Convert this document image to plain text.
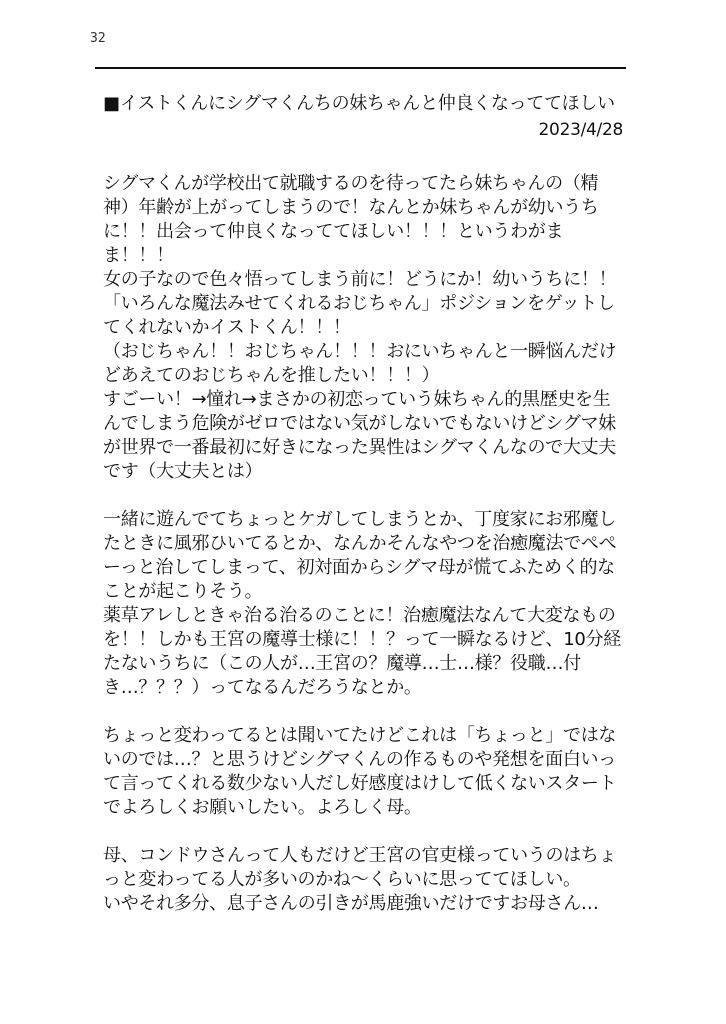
32
■イストくんにシグマくんちの妹ちゃんと仲良くなっててほしい
2023/4/28

シグマくんが学校出て就職するのを待ってたら妹ちゃんの（精神）年齢が上がってしまうので！なんとか妹ちゃんが幼いうちに！！出会って仲良くなっててほしい！！！というわがまま！！！
女の子なので色々悟ってしまう前に！どうにか！幼いうちに！！「いろんな魔法みせてくれるおじちゃん」ポジションをゲットしてくれないかイストくん！！！
（おじちゃん！！おじちゃん！！！おにいちゃんと一瞬悩んだけどあえてのおじちゃんを推したい！！！）
すごーい！→憧れ→まさかの初恋っていう妹ちゃん的黒歴史を生んでしまう危険がゼロではない気がしないでもないけどシグマ妹が世界で一番最初に好きになった異性はシグマくんなので大丈夫です（大丈夫とは）

一緒に遊んでてちょっとケガしてしまうとか、丁度家にお邪魔したときに風邪ひいてるとか、なんかそんなやつを治癒魔法でぺぺーっと治してしまって、初対面からシグマ母が慌てふためく的なことが起こりそう。
薬草アレしときゃ治る治るのことに！治癒魔法なんて大変なものを！！しかも王宮の魔導士様に！！？って一瞬なるけど、10分経たないうちに（この人が…王宮の？魔導…士…様？役職…付き…？？？）ってなるんだろうなとか。

ちょっと変わってるとは聞いてたけどこれは「ちょっと」ではないのでは…？と思うけどシグマくんの作るものや発想を面白いって言ってくれる数少ない人だし好感度はけして低くないスタートでよろしくお願いしたい。よろしく母。

母、コンドウさんって人もだけど王宮の官吏様っていうのはちょっと変わってる人が多いのかね～くらいに思っててほしい。
いやそれ多分、息子さんの引きが馬鹿強いだけですお母さん…
